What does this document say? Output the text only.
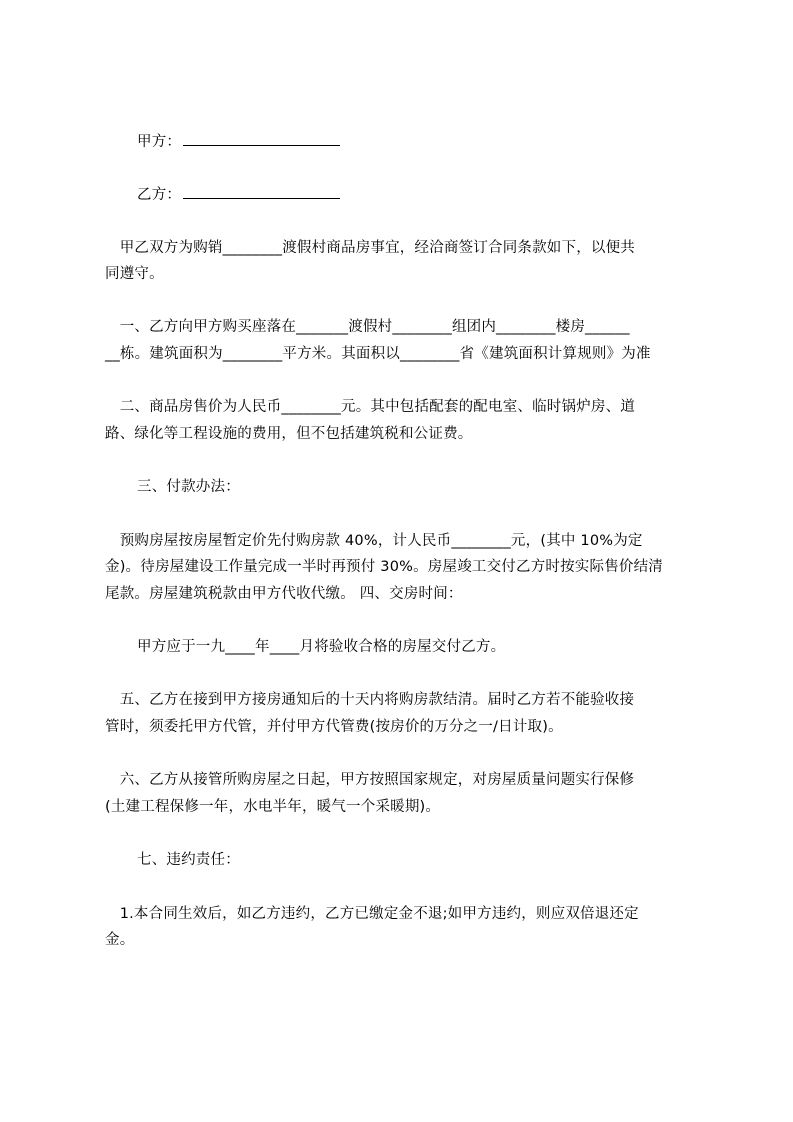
甲方：
乙方：
　甲乙双方为购销________渡假村商品房事宜，经洽商签订合同条款如下，以便共
同遵守。
　一、乙方向甲方购买座落在_______渡假村________组团内________楼房______
__栋。建筑面积为________平方米。其面积以________省《建筑面积计算规则》为准
　二、商品房售价为人民币________元。其中包括配套的配电室、临时锅炉房、道
路、绿化等工程设施的费用，但不包括建筑税和公证费。
三、付款办法：
　预购房屋按房屋暂定价先付购房款 40%，计人民币________元，(其中 10%为定
金)。待房屋建设工作量完成一半时再预付 30%。房屋竣工交付乙方时按实际售价结清
尾款。房屋建筑税款由甲方代收代缴。 四、交房时间：
甲方应于一九____年____月将验收合格的房屋交付乙方。
　五、乙方在接到甲方接房通知后的十天内将购房款结清。届时乙方若不能验收接
管时，须委托甲方代管，并付甲方代管费(按房价的万分之一/日计取)。
　六、乙方从接管所购房屋之日起，甲方按照国家规定，对房屋质量问题实行保修
(土建工程保修一年，水电半年，暖气一个采暖期)。
七、违约责任：
　1.本合同生效后，如乙方违约，乙方已缴定金不退;如甲方违约，则应双倍退还定
金。
